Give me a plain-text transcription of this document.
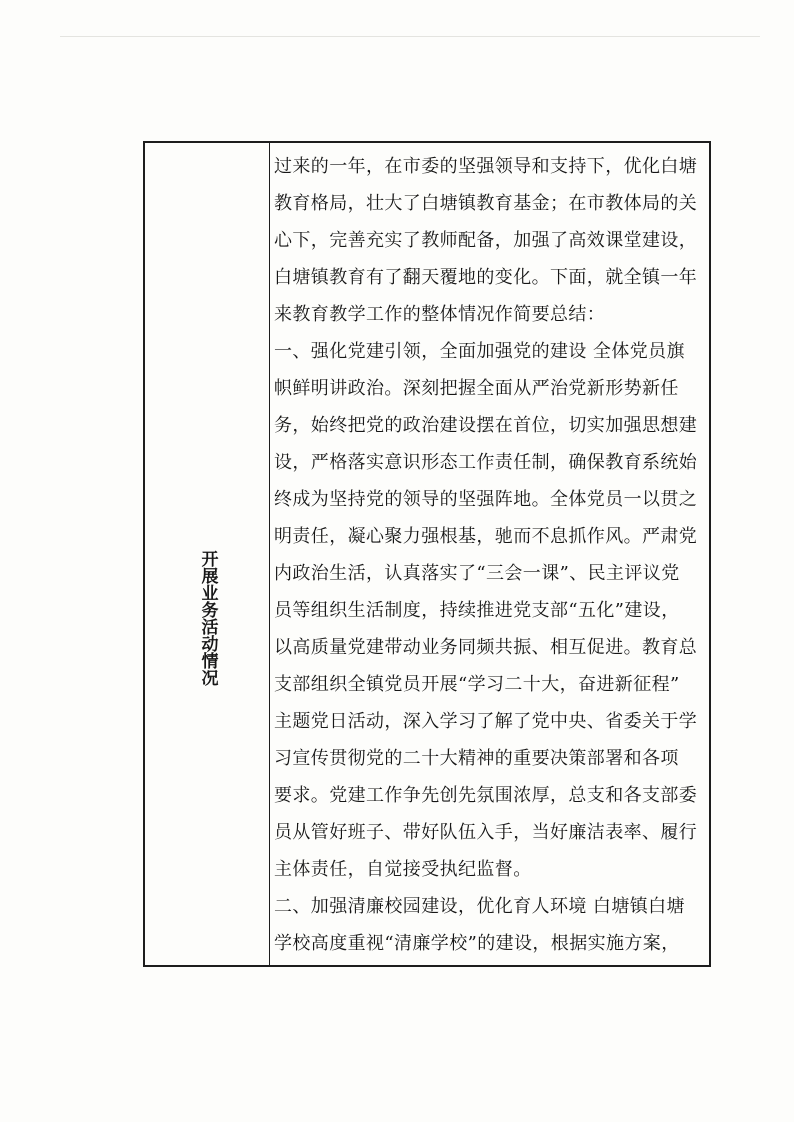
开展业务活动情况
过来的一年，在市委的坚强领导和支持下，优化白塘
教育格局，壮大了白塘镇教育基金；在市教体局的关
心下，完善充实了教师配备，加强了高效课堂建设，
白塘镇教育有了翻天覆地的变化。下面，就全镇一年
来教育教学工作的整体情况作简要总结：
一、强化党建引领，全面加强党的建设 全体党员旗
帜鲜明讲政治。深刻把握全面从严治党新形势新任
务，始终把党的政治建设摆在首位，切实加强思想建
设，严格落实意识形态工作责任制，确保教育系统始
终成为坚持党的领导的坚强阵地。全体党员一以贯之
明责任，凝心聚力强根基，驰而不息抓作风。严肃党
内政治生活，认真落实了“三会一课”、民主评议党
员等组织生活制度，持续推进党支部“五化”建设，
以高质量党建带动业务同频共振、相互促进。教育总
支部组织全镇党员开展“学习二十大，奋进新征程”
主题党日活动，深入学习了解了党中央、省委关于学
习宣传贯彻党的二十大精神的重要决策部署和各项
要求。党建工作争先创先氛围浓厚，总支和各支部委
员从管好班子、带好队伍入手，当好廉洁表率、履行
主体责任，自觉接受执纪监督。
二、加强清廉校园建设，优化育人环境 白塘镇白塘
学校高度重视“清廉学校”的建设，根据实施方案，
